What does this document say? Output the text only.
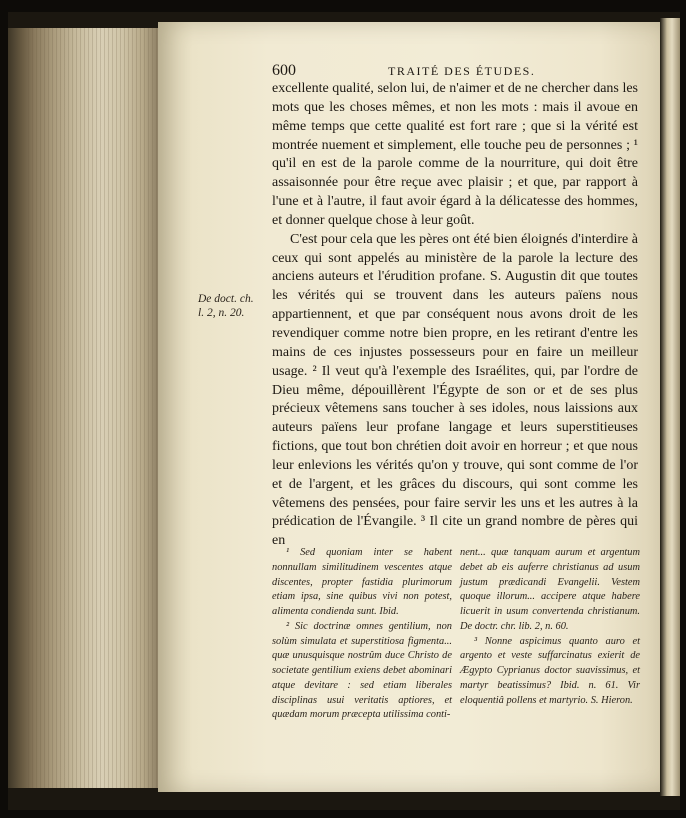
600	TRAITÉ DES ÉTUDES.

excellente qualité, selon lui, de n'aimer et de ne chercher dans les mots que les choses mêmes, et non les mots : mais il avoue en même temps que cette qualité est fort rare ; que si la vérité est montrée nuement et simplement, elle touche peu de personnes ; ¹ qu'il en est de la parole comme de la nourriture, qui doit être assaisonnée pour être reçue avec plaisir ; et que, par rapport à l'une et à l'autre, il faut avoir égard à la délicatesse des hommes, et donner quelque chose à leur goût.

C'est pour cela que les pères ont été bien éloignés d'interdire à ceux qui sont appelés au ministère de la parole la lecture des anciens auteurs et l'érudition profane. S. Augustin dit que toutes les vérités qui se trouvent dans les auteurs païens nous appartiennent, et que par conséquent nous avons droit de les revendiquer comme notre bien propre, en les retirant d'entre les mains de ces injustes possesseurs pour en faire un meilleur usage. ² Il veut qu'à l'exemple des Israélites, qui, par l'ordre de Dieu même, dépouillèrent l'Égypte de son or et de ses plus précieux vêtemens sans toucher à ses idoles, nous laissions aux auteurs païens leur profane langage et leurs superstitieuses fictions, que tout bon chrétien doit avoir en horreur ; et que nous leur enlevions les vérités qu'on y trouve, qui sont comme de l'or et de l'argent, et les grâces du discours, qui sont comme les vêtemens des pensées, pour faire servir les uns et les autres à la prédication de l'Évangile. ³ Il cite un grand nombre de pères qui en

De doct. ch.
l. 2, n. 20.

¹ Sed quoniam inter se habent nonnullam similitudinem vescentes atque discentes, propter fastidia plurimorum etiam ipsa, sine quibus vivi non potest, alimenta condienda sunt. Ibid.

² Sic doctrinæ omnes gentilium, non solùm simulata et superstitiosa figmenta... quæ unusquisque nostrûm duce Christo de societate gentilium exiens debet abominari atque devitare : sed etiam liberales disciplinas usui veritatis aptiores, et quædam morum præcepta utilissima conti-

nent... quæ tanquam aurum et argentum debet ab eis auferre christianus ad usum justum prædicandi Evangelii. Vestem quoque illorum... accipere atque habere licuerit in usum convertenda christianum. De doctr. chr. lib. 2, n. 60.

³ Nonne aspicimus quanto auro et argento et veste suffarcinatus exierit de Ægypto Cyprianus doctor suavissimus, et martyr beatissimus? Ibid. n. 61. Vir eloquentiâ pollens et martyrio. S. Hieron.
